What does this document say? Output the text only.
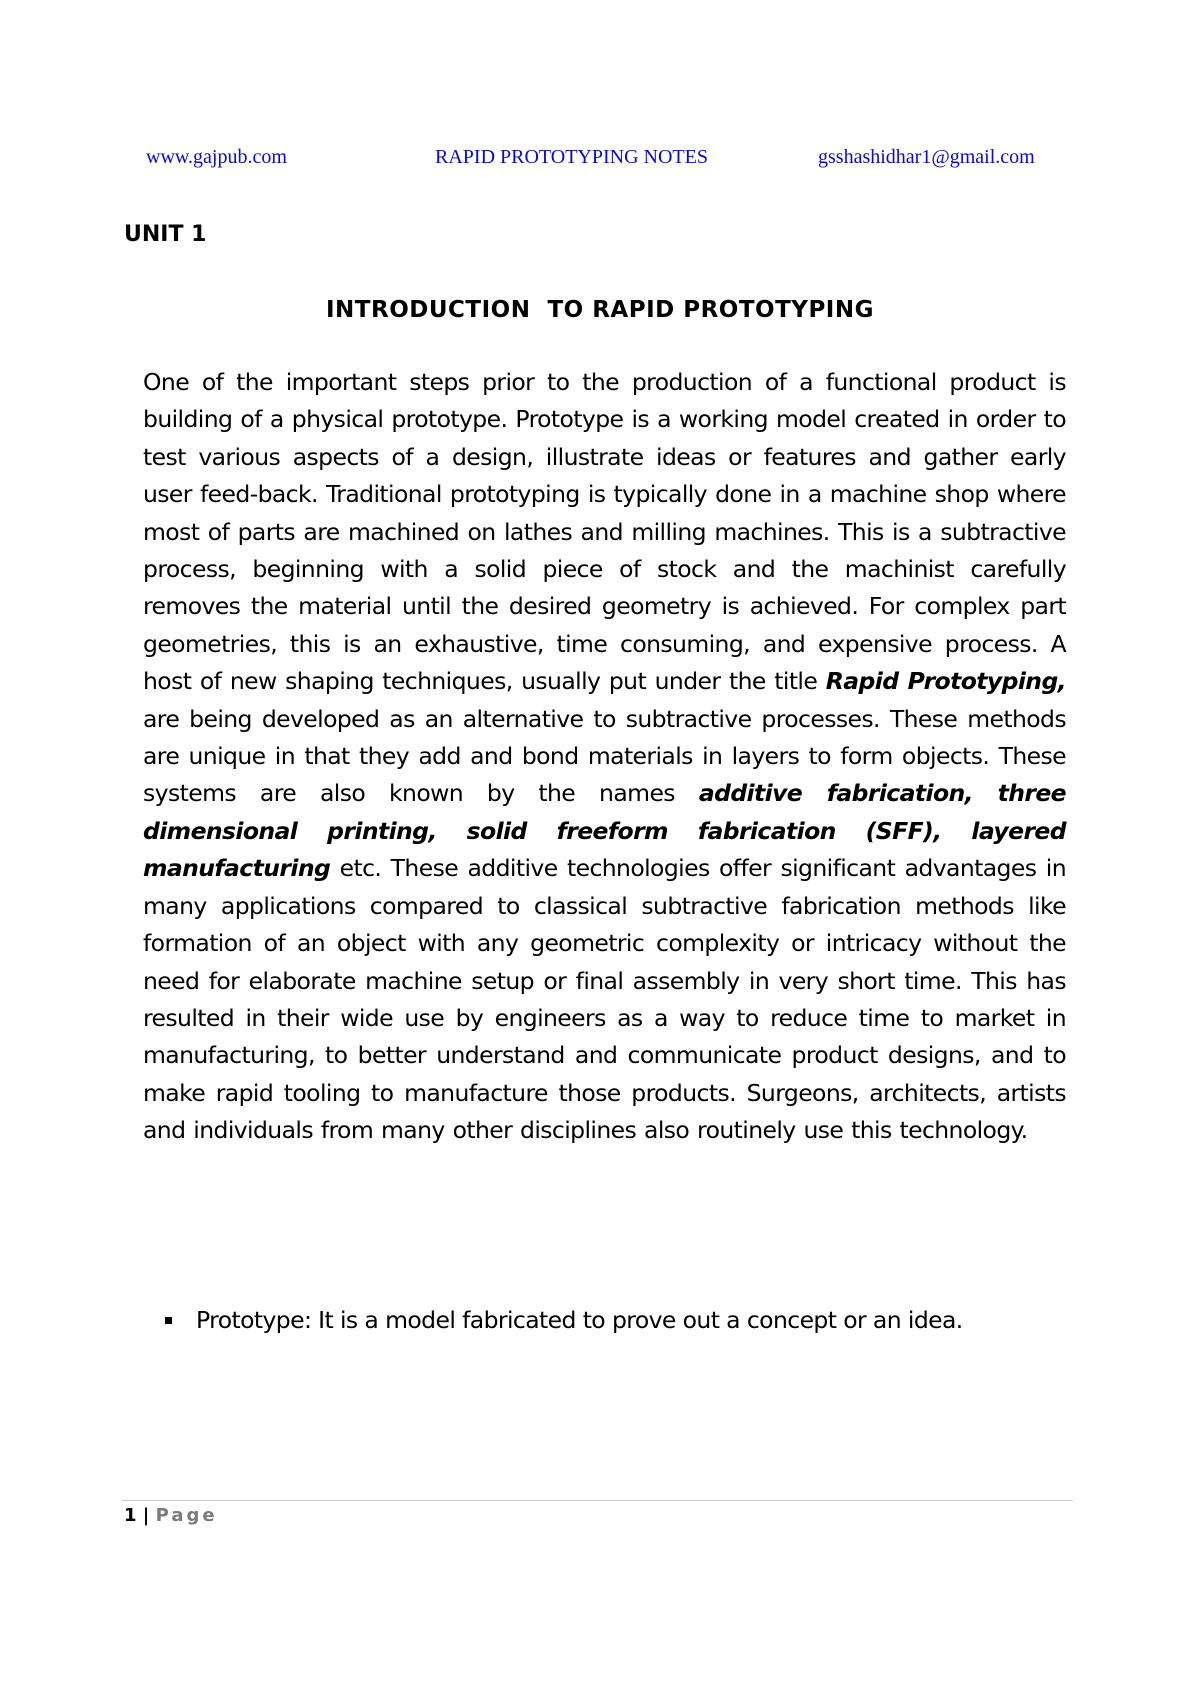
www.gajpub.com	RAPID PROTOTYPING NOTES	gsshashidhar1@gmail.com
UNIT 1
INTRODUCTION  TO RAPID PROTOTYPING

One of the important steps prior to the production of a functional product is building of a physical prototype. Prototype is a working model created in order to test various aspects of a design, illustrate ideas or features and gather early user feed-back. Traditional prototyping is typically done in a machine shop where most of parts are machined on lathes and milling machines. This is a subtractive process, beginning with a solid piece of stock and the machinist carefully removes the material until the desired geometry is achieved. For complex part geometries, this is an exhaustive, time consuming, and expensive process. A host of new shaping techniques, usually put under the title Rapid Prototyping, are being developed as an alternative to subtractive processes. These methods are unique in that they add and bond materials in layers to form objects. These systems are also known by the names additive fabrication, three dimensional printing, solid freeform fabrication (SFF), layered manufacturing etc. These additive technologies offer significant advantages in many applications compared to classical subtractive fabrication methods like formation of an object with any geometric complexity or intricacy without the need for elaborate machine setup or final assembly in very short time. This has resulted in their wide use by engineers as a way to reduce time to market in manufacturing, to better understand and communicate product designs, and to make rapid tooling to manufacture those products. Surgeons, architects, artists and individuals from many other disciplines also routinely use this technology.

Prototype: It is a model fabricated to prove out a concept or an idea.
1 | Page
